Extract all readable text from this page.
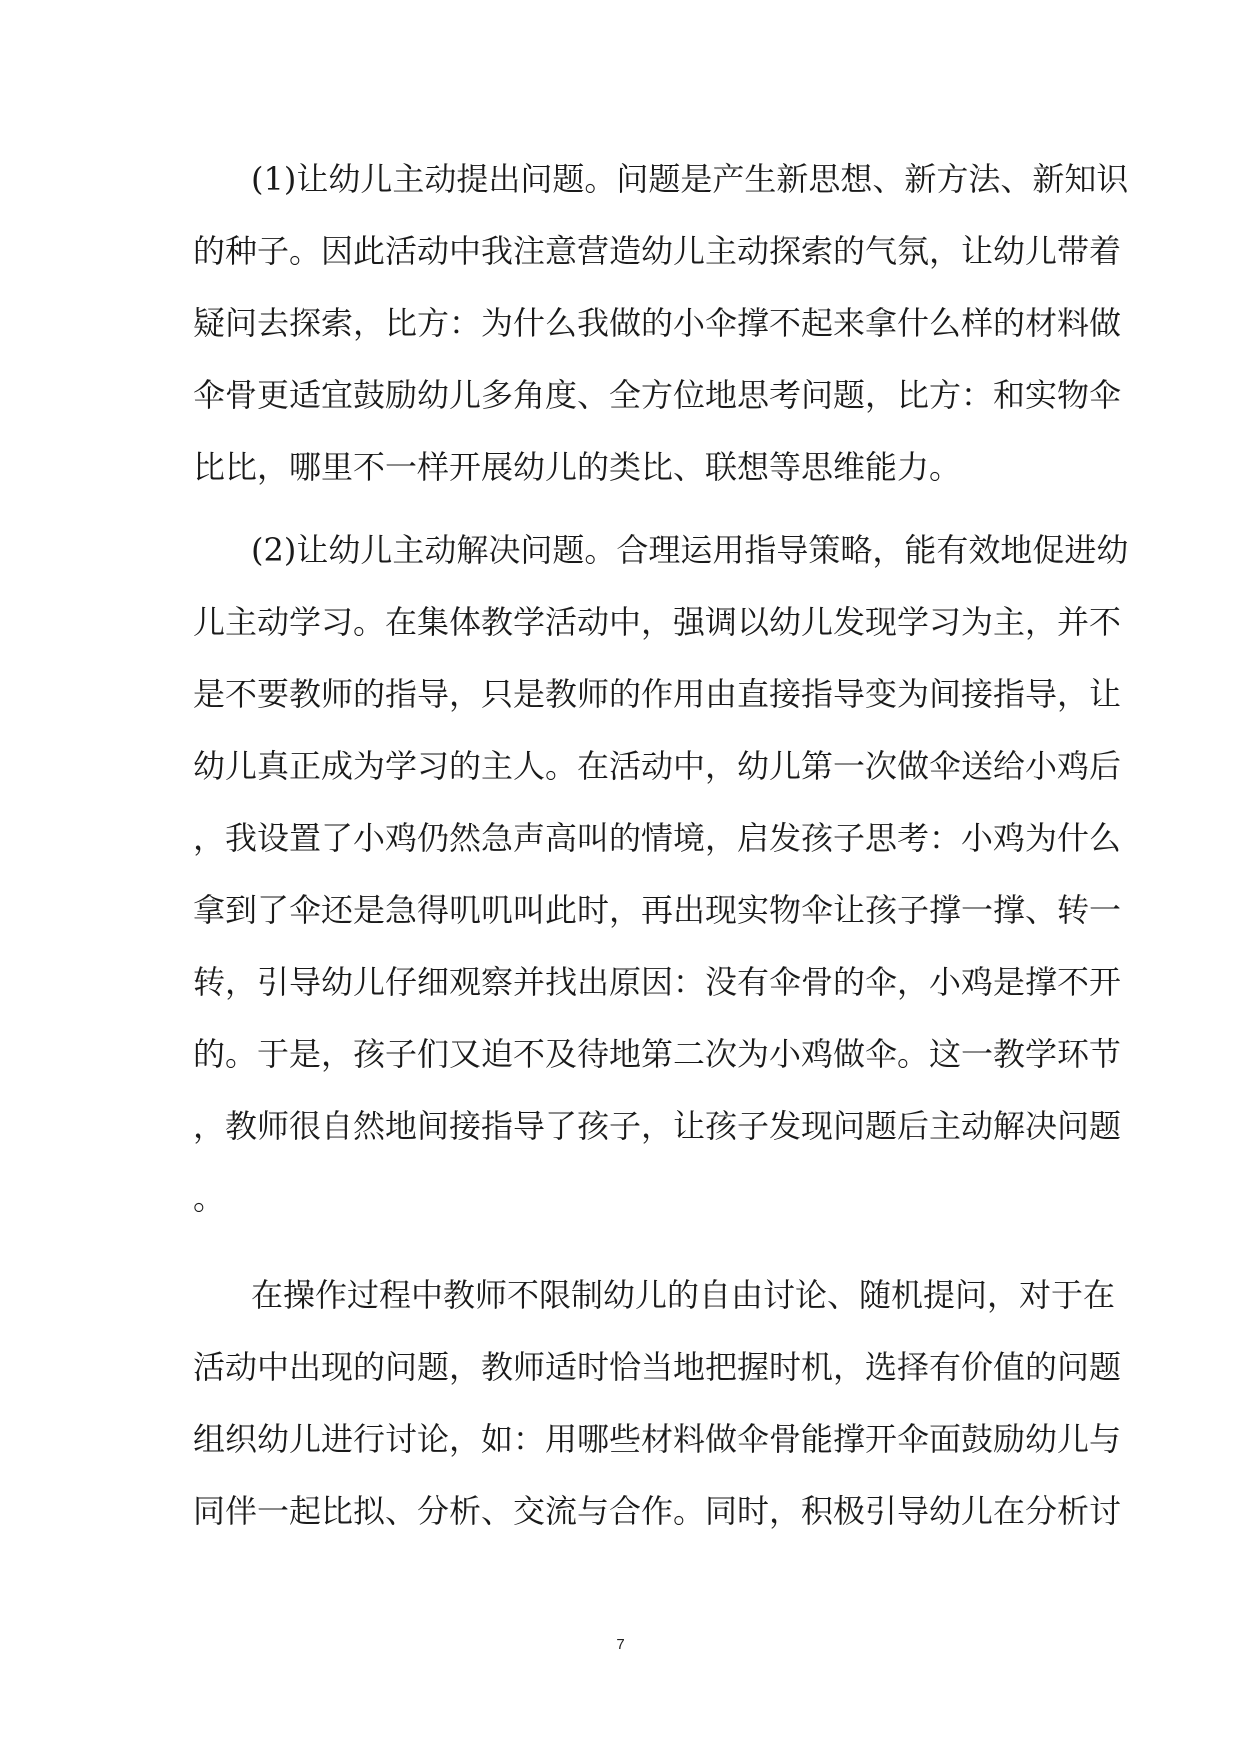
(1)让幼儿主动提出问题。问题是产生新思想、新方法、新知识
的种子。因此活动中我注意营造幼儿主动探索的气氛，让幼儿带着
疑问去探索，比方：为什么我做的小伞撑不起来拿什么样的材料做
伞骨更适宜鼓励幼儿多角度、全方位地思考问题，比方：和实物伞
比比，哪里不一样开展幼儿的类比、联想等思维能力。
(2)让幼儿主动解决问题。合理运用指导策略，能有效地促进幼
儿主动学习。在集体教学活动中，强调以幼儿发现学习为主，并不
是不要教师的指导，只是教师的作用由直接指导变为间接指导，让
幼儿真正成为学习的主人。在活动中，幼儿第一次做伞送给小鸡后
，我设置了小鸡仍然急声高叫的情境，启发孩子思考：小鸡为什么
拿到了伞还是急得叽叽叫此时，再出现实物伞让孩子撑一撑、转一
转，引导幼儿仔细观察并找出原因：没有伞骨的伞，小鸡是撑不开
的。于是，孩子们又迫不及待地第二次为小鸡做伞。这一教学环节
，教师很自然地间接指导了孩子，让孩子发现问题后主动解决问题
。
在操作过程中教师不限制幼儿的自由讨论、随机提问，对于在
活动中出现的问题，教师适时恰当地把握时机，选择有价值的问题
组织幼儿进行讨论，如：用哪些材料做伞骨能撑开伞面鼓励幼儿与
同伴一起比拟、分析、交流与合作。同时，积极引导幼儿在分析讨
7
